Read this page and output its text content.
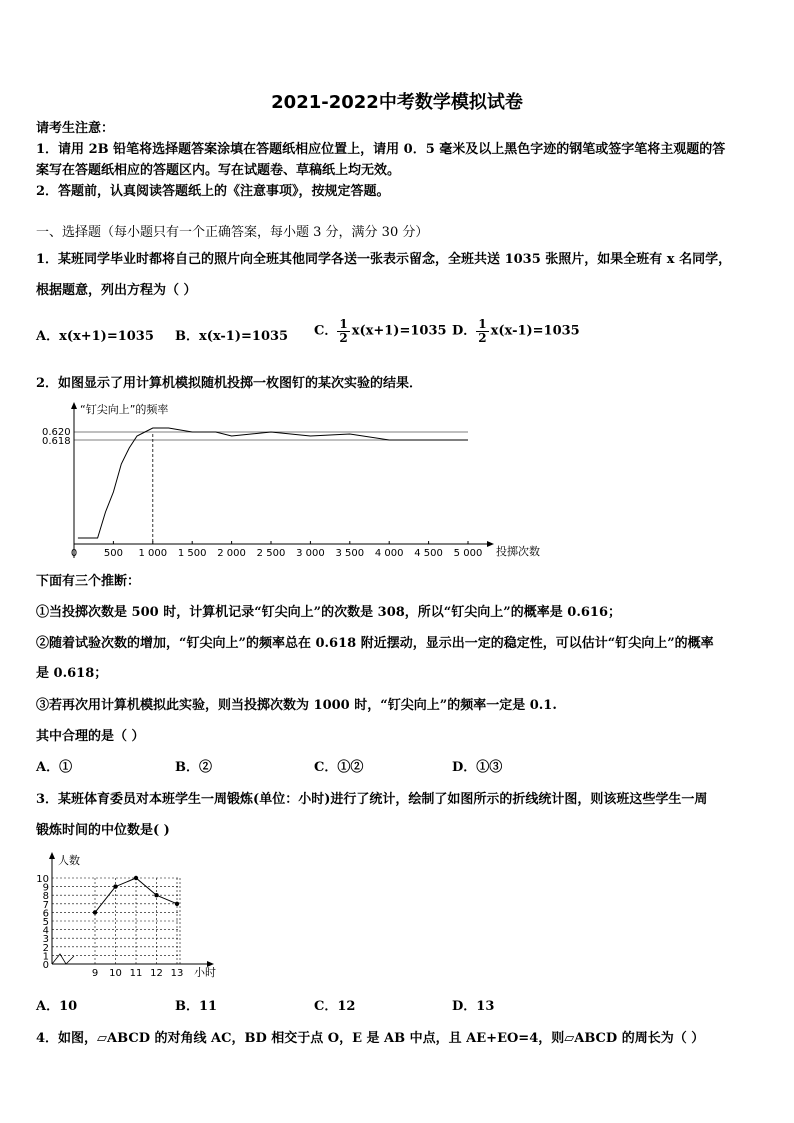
2021-2022中考数学模拟试卷
请考生注意：
1．请用 2B 铅笔将选择题答案涂填在答题纸相应位置上，请用 0．5 毫米及以上黑色字迹的钢笔或签字笔将主观题的答
案写在答题纸相应的答题区内。写在试题卷、草稿纸上均无效。
2．答题前，认真阅读答题纸上的《注意事项》，按规定答题。
一、选择题（每小题只有一个正确答案，每小题 3 分，满分 30 分）
1．某班同学毕业时都将自己的照片向全班其他同学各送一张表示留念，全班共送 1035 张照片，如果全班有 x 名同学，
根据题意，列出方程为（ ）
A．x(x+1)=1035 B．x(x-1)=1035 C． $\frac{1}{2} x(x+1)=1035$ D． $\frac{1}{2} x(x-1)=1035$
2．如图显示了用计算机模拟随机投掷一枚图钉的某次实验的结果．
“钉尖向上”的频率
投掷次数
0.620
0.618
0	500 1 000 1 500 2 000 2 500 3 000 3 500 4 000 4 500 5 000
下面有三个推断：
①当投掷次数是 500 时，计算机记录“钉尖向上”的次数是 308，所以“钉尖向上”的概率是 0.616；
②随着试验次数的增加，“钉尖向上”的频率总在 0.618 附近摆动，显示出一定的稳定性，可以估计“钉尖向上”的概率
是 0.618；
③若再次用计算机模拟此实验，则当投掷次数为 1000 时，“钉尖向上”的频率一定是 0.1.
其中合理的是（ ）
A．①	B．②	C．①②	D．①③
3．某班体育委员对本班学生一周锻炼(单位：小时)进行了统计，绘制了如图所示的折线统计图，则该班这些学生一周
锻炼时间的中位数是( )
人数
小时
0
1
2
3
4
5
6
7
8
9
10
9 10 11 12 13
A．10	B．11	C．12	D．13
4．如图，▱ABCD 的对角线 AC，BD 相交于点 O，E 是 AB 中点，且 AE+EO=4，则▱ABCD 的周长为（ ）
